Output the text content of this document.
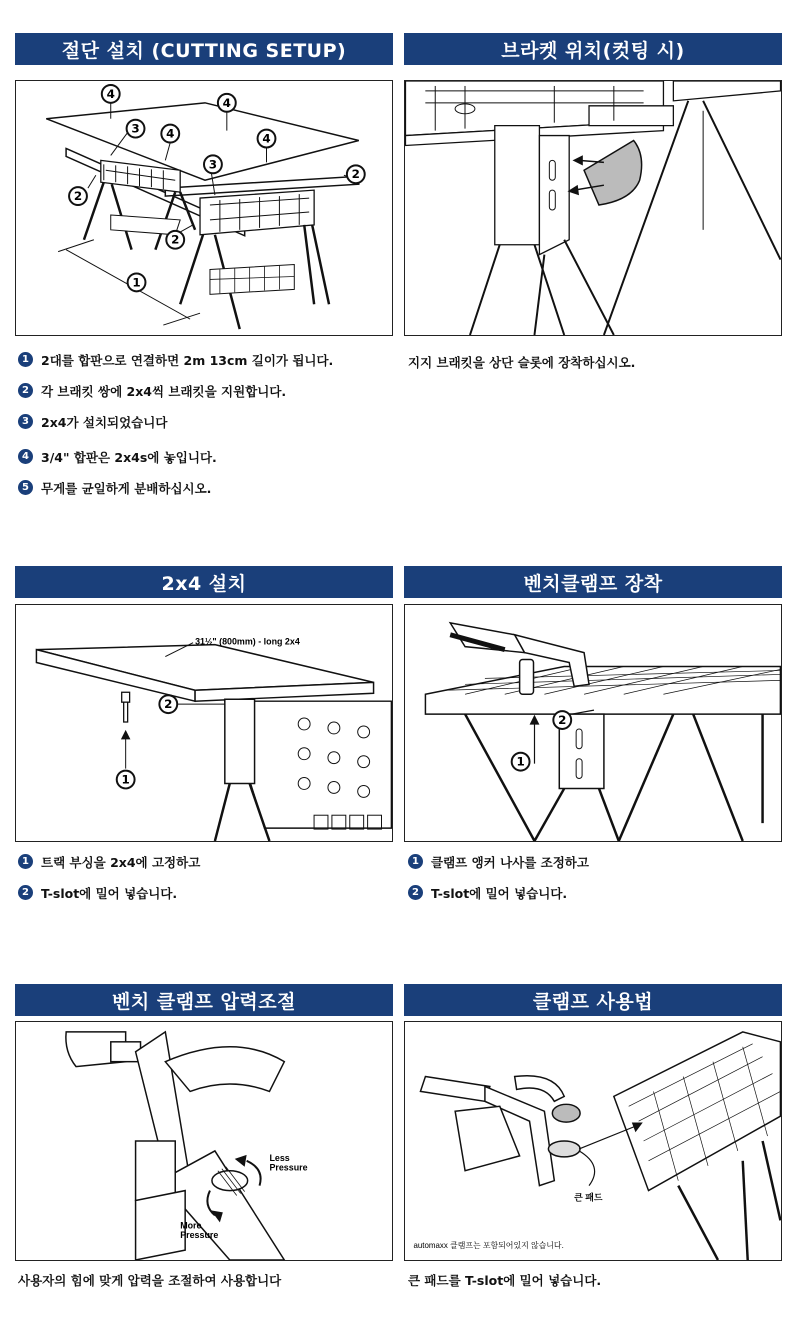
절단 설치 (CUTTING SETUP)
4
4
4	4
3
3
2
2
2
1
1 2대를 합판으로 연결하면 2m 13cm 길이가 됩니다.
2 각 브래킷 쌍에 2x4씩 브래킷을 지원합니다.
3 2x4가 설치되었습니다
4 3/4" 합판은 2x4s에 놓입니다.
5 무게를 균일하게 분배하십시오.
브라켓 위치(컷팅 시)
지지 브래킷을 상단 슬롯에 장착하십시오.
2x4 설치
31½" (800mm) - long 2x4
2
1
1 트랙 부싱을 2x4에 고정하고
2 T-slot에 밀어 넣습니다.
벤치클램프 장착
2
1
1 클램프 앵커 나사를 조정하고
2 T-slot에 밀어 넣습니다.
벤치 클램프 압력조절
Less
Pressure
More
Pressure
사용자의 힘에 맞게 압력을 조절하여 사용합니다
클램프 사용법
큰 패드
automaxx 클램프는 포함되어있지 않습니다.
큰 패드를 T-slot에 밀어 넣습니다.
